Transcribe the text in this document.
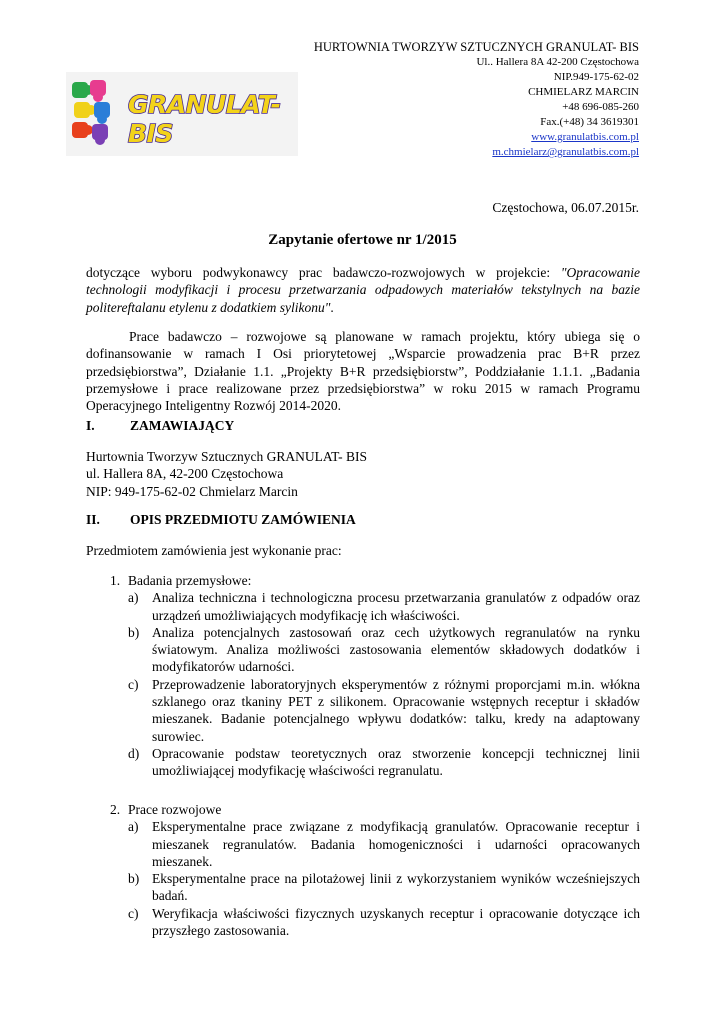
HURTOWNIA TWORZYW SZTUCZNYCH GRANULAT- BIS
Ul.. Hallera 8A 42-200 Częstochowa
NIP.949-175-62-02
CHMIELARZ MARCIN
+48 696-085-260
Fax.(+48) 34 3619301
www.granulatbis.com.pl
m.chmielarz@granulatbis.com.pl
GRANULAT-BIS
Częstochowa, 06.07.2015r.
Zapytanie ofertowe nr 1/2015

dotyczące wyboru podwykonawcy prac badawczo-rozwojowych w projekcie: "Opracowanie technologii modyfikacji i procesu przetwarzania odpadowych materiałów tekstylnych na bazie politereftalanu etylenu z dodatkiem sylikonu".

Prace badawczo – rozwojowe są planowane w ramach projektu, który ubiega się o dofinansowanie w ramach I Osi priorytetowej „Wsparcie prowadzenia prac B+R przez przedsiębiorstwa”, Działanie 1.1. „Projekty B+R przedsiębiorstw”, Poddziałanie 1.1.1. „Badania przemysłowe i prace realizowane przez przedsiębiorstwa” w roku 2015 w ramach Programu Operacyjnego Inteligentny Rozwój 2014-2020.

I.	ZAMAWIAJĄCY
Hurtownia Tworzyw Sztucznych GRANULAT- BIS
ul. Hallera 8A, 42-200 Częstochowa
NIP: 949-175-62-02 Chmielarz Marcin
II. OPIS PRZEDMIOTU ZAMÓWIENIA

Przedmiotem zamówienia jest wykonanie prac:

1. Badania przemysłowe:
a)	Analiza techniczna i technologiczna procesu przetwarzania granulatów z odpadów oraz urządzeń umożliwiających modyfikację ich właściwości.
b) Analiza potencjalnych zastosowań oraz cech użytkowych regranulatów na rynku światowym. Analiza możliwości zastosowania elementów składowych dodatków i modyfikatorów udarności.
c)	Przeprowadzenie laboratoryjnych eksperymentów z różnymi proporcjami m.in. włókna szklanego oraz tkaniny PET z silikonem. Opracowanie wstępnych receptur i składów mieszanek. Badanie potencjalnego wpływu dodatków: talku, kredy na adaptowany surowiec.
d) Opracowanie podstaw teoretycznych oraz stworzenie koncepcji technicznej linii umożliwiającej modyfikację właściwości regranulatu.
2. Prace rozwojowe
a)	Eksperymentalne prace związane z modyfikacją granulatów. Opracowanie receptur i mieszanek regranulatów. Badania homogeniczności i udarności opracowanych mieszanek.
b) Eksperymentalne prace na pilotażowej linii z wykorzystaniem wyników wcześniejszych badań.
c)	Weryfikacja właściwości fizycznych uzyskanych receptur i opracowanie dotyczące ich przyszłego zastosowania.
